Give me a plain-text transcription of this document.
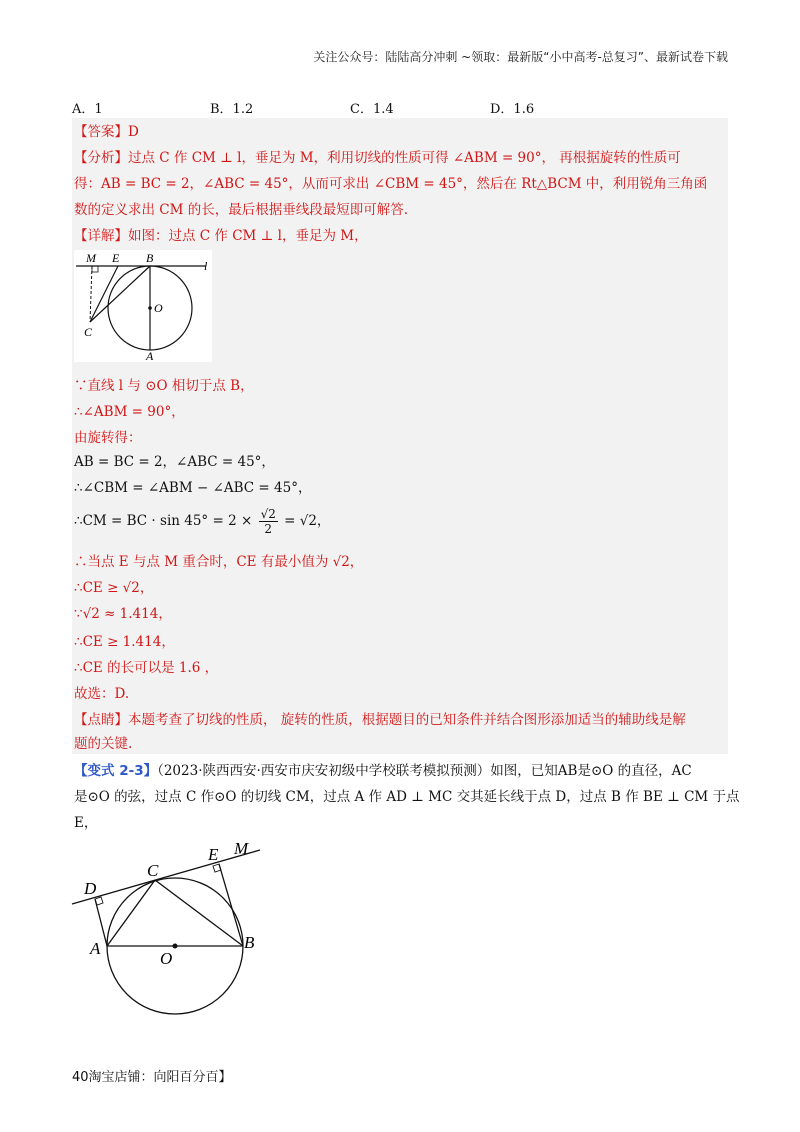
关注公众号：陆陆高分冲刺 ~领取：最新版“小中高考-总复习”、最新试卷下载
A．1	B．1.2	C．1.4	D．1.6
【答案】D
【分析】过点 C 作 CM ⊥ l，垂足为 M，利用切线的性质可得 ∠ABM = 90°， 再根据旋转的性质可
得：AB = BC = 2，∠ABC = 45°，从而可求出 ∠CBM = 45°，然后在 Rt△BCM 中，利用锐角三角函
数的定义求出 CM 的长，最后根据垂线段最短即可解答.
【详解】如图：过点 C 作 CM ⊥ l，垂足为 M，
M E B
l
O
C
A
∵直线 l 与 ⊙O 相切于点 B，
∴∠ABM = 90°，
由旋转得：
AB = BC = 2，∠ABC = 45°，
∴∠CBM = ∠ABM − ∠ABC = 45°，
∴CM = BC · $\sin 45^\circ = 2 \times \frac{√2}{2} = √2$，
∴当点 E 与点 M 重合时，CE 有最小值为 √2，
∴CE ≥ √2，
∵√2 ≈ 1.414，
∴CE ≥ 1.414，
∴CE 的长可以是 1.6 ，
故选：D.
【点睛】本题考查了切线的性质， 旋转的性质，根据题目的已知条件并结合图形添加适当的辅助线是解
题的关键.
【变式 2-3】（2023·陕西西安·西安市庆安初级中学校联考模拟预测）如图，已知AB是⊙O 的直径，AC
是⊙O 的弦，过点 C 作⊙O 的切线 CM，过点 A 作 AD ⊥ MC 交其延长线于点 D，过点 B 作 BE ⊥ CM 于点
E，
D
C
E M
A
O
B
40淘宝店铺：向阳百分百】
